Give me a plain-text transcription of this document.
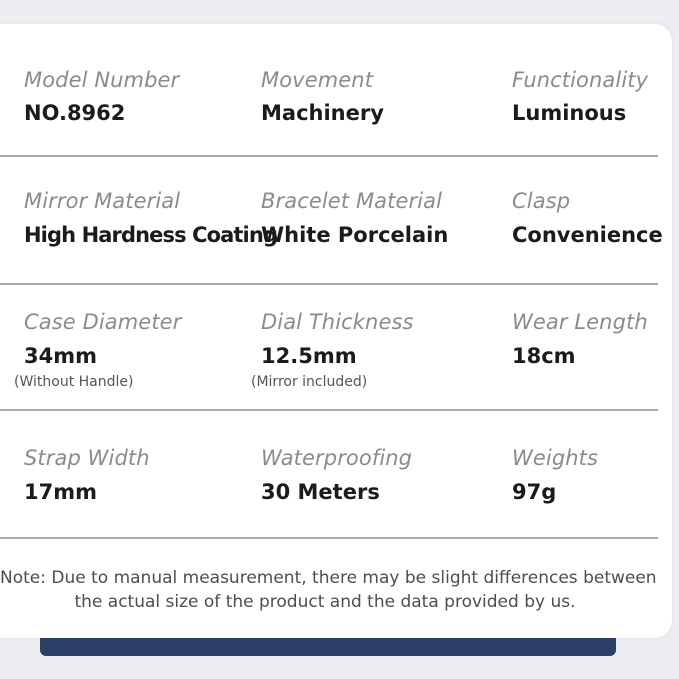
Model Number
NO.8962
Movement
Machinery
Functionality
Luminous
Mirror Material
High Hardness Coating
Bracelet Material
White Porcelain
Clasp
Convenience
Case Diameter
34mm
(Without Handle)
Dial Thickness
12.5mm
(Mirror included)
Wear Length
18cm
Strap Width
17mm
Waterproofing
30 Meters
Weights
97g
Note: Due to manual measurement, there may be slight differences between
the actual size of the product and the data provided by us.
